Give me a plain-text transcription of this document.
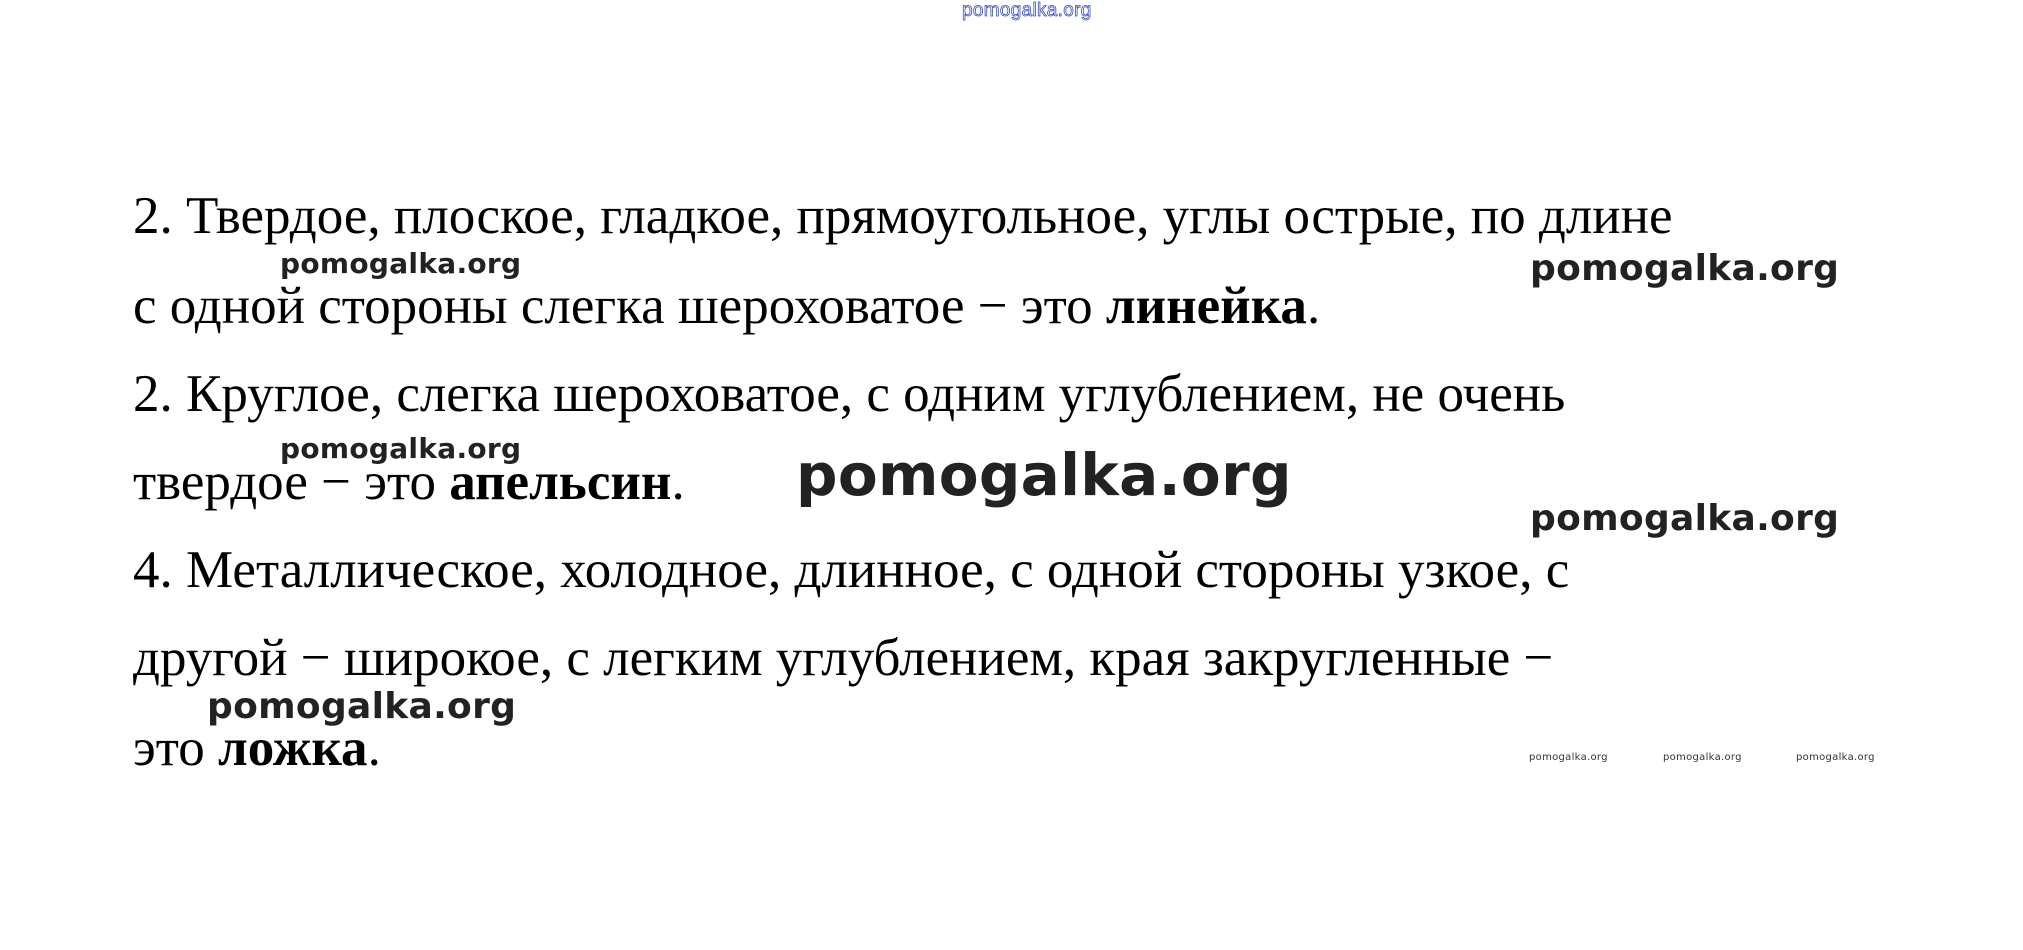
pomogalka.org

2. Твердое, плоское, гладкое, прямоугольное, углы острые, по длине

с одной стороны слегка шероховатое − это линейка.

2. Круглое, слегка шероховатое, с одним углублением, не очень

твердое − это апельсин.

4. Металлическое, холодное, длинное, с одной стороны узкое, с

другой − широкое, с легким углублением, края закругленные −

это ложка.

pomogalka.org	pomogalka.org
pomogalka.org	pomogalka.org
pomogalka.org
pomogalka.org
pomogalka.org	pomogalka.org	pomogalka.org
